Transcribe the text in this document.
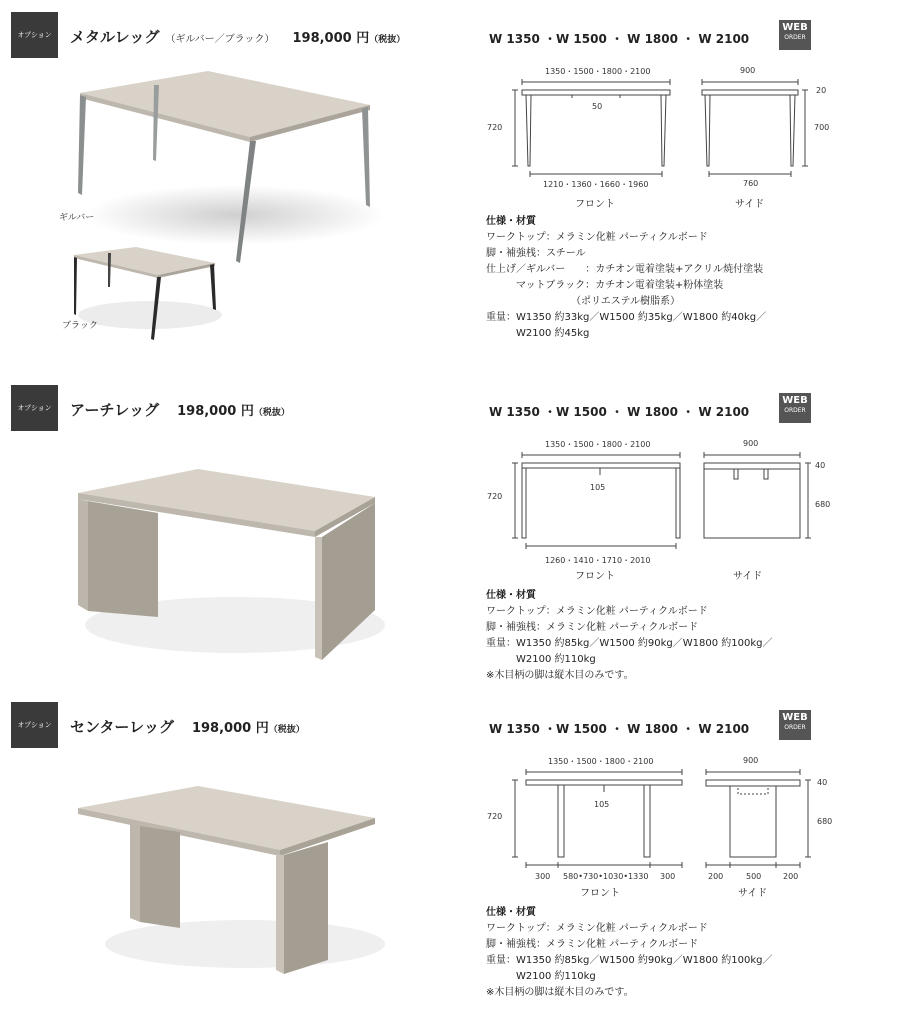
オプション	メタルレッグ （ギルバー／ブラック） 198,000 円（税抜）
ギルバー
ブラック
W 1350 ・W 1500 ・ W 1800 ・ W 2100
WEB
ORDER
1350・1500・1800・2100
50
720
1210・1360・1660・1960
フロント
900
20
700
760
サイド
仕様・材質
ワークトップ：メラミン化粧 パーティクルボード
脚・補強桟：スチール
仕上げ／ギルバー　　：カチオン電着塗装+アクリル焼付塗装
　　　マットブラック：カチオン電着塗装+粉体塗装
　　　　　　　　　（ポリエステル樹脂系）
重量：W1350 約33kg／W1500 約35kg／W1800 約40kg／
　　　W2100 約45kg
オプション	アーチレッグ 198,000 円（税抜）	W 1350 ・W 1500 ・ W 1800 ・ W 2100
WEB
ORDER
1350・1500・1800・2100
105
720
1260・1410・1710・2010
フロント
900
40
680
サイド
仕様・材質
ワークトップ：メラミン化粧 パーティクルボード
脚・補強桟：メラミン化粧 パーティクルボード
重量：W1350 約85kg／W1500 約90kg／W1800 約100kg／
　　　W2100 約110kg
※木目柄の脚は縦木目のみです。
オプション	センターレッグ 198,000 円（税抜）	W 1350 ・W 1500 ・ W 1800 ・ W 2100
WEB
ORDER
1350・1500・1800・2100
105
720
300 580•730•1030•1330 300
フロント
900
40
680
200	500	200
サイド
仕様・材質
ワークトップ：メラミン化粧 パーティクルボード
脚・補強桟：メラミン化粧 パーティクルボード
重量：W1350 約85kg／W1500 約90kg／W1800 約100kg／
　　　W2100 約110kg
※木目柄の脚は縦木目のみです。
